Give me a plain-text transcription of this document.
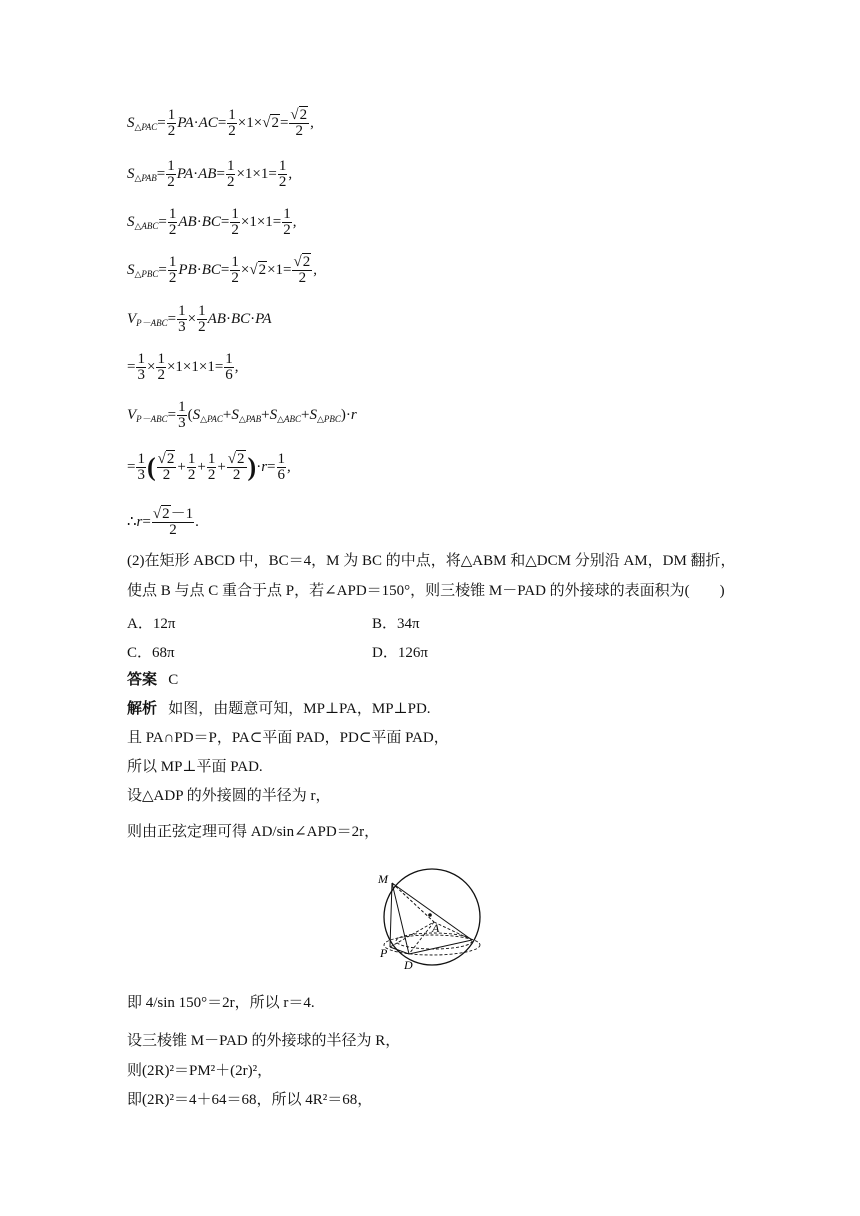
$S_{\triangle PAC}= \frac{1}{2} PA\cdot AC= \frac{1}{2} \times 1\times√2= \frac{√2}{2}$ ,
$S_{\triangle PAB}= \frac{1}{2} PA\cdot AB= \frac{1}{2} \times 1\times 1= \frac{1}{2}$ ,
$S_{\triangle ABC}= \frac{1}{2} AB\cdot BC= \frac{1}{2} \times 1\times 1= \frac{1}{2}$ ,
$S_{\triangle PBC}= \frac{1}{2} PB\cdot BC= \frac{1}{2} \times√2\times 1= \frac{√2}{2}$ ,
$V_{P-ABC}= \frac{1}{3} \times \frac{1}{2} AB\cdot BC\cdot PA$
= $\frac{1}{3} \times \frac{1}{2} \times 1\times 1\times 1= \frac{1}{6}$ ,
$V_{P-ABC}= \frac{1}{3} (S_{\triangle PAC}+S_{\triangle PAB}+S_{\triangle ABC}+S_{\triangle PBC})\cdot r$
= $\frac{1}{3}$ ( $\frac{√2}{2} + \frac{1}{2} + \frac{1}{2} + \frac{√2}{2} )\cdot r= \frac{1}{6}$ ,
∴r= $\frac{√2-1}{2}$ .
(2)在矩形 ABCD 中，BC＝4，M 为 BC 的中点，将△ABM 和△DCM 分别沿 AM，DM 翻折，
使点 B 与点 C 重合于点 P，若∠APD＝150°，则三棱锥 M－PAD 的外接球的表面积为(　　)
A．12π	B．34π
C．68π	D．126π
答案 C
解析 如图，由题意可知，MP⊥PA，MP⊥PD.
且 PA∩PD＝P，PA⊂平面 PAD，PD⊂平面 PAD，
所以 MP⊥平面 PAD.
设△ADP 的外接圆的半径为 r，
则由正弦定理可得 AD/sin∠APD＝2r，
M
A
P
D
即 4/sin 150°＝2r，所以 r＝4.
设三棱锥 M－PAD 的外接球的半径为 R，
则(2R)²＝PM²＋(2r)²，
即(2R)²＝4＋64＝68，所以 4R²＝68，
